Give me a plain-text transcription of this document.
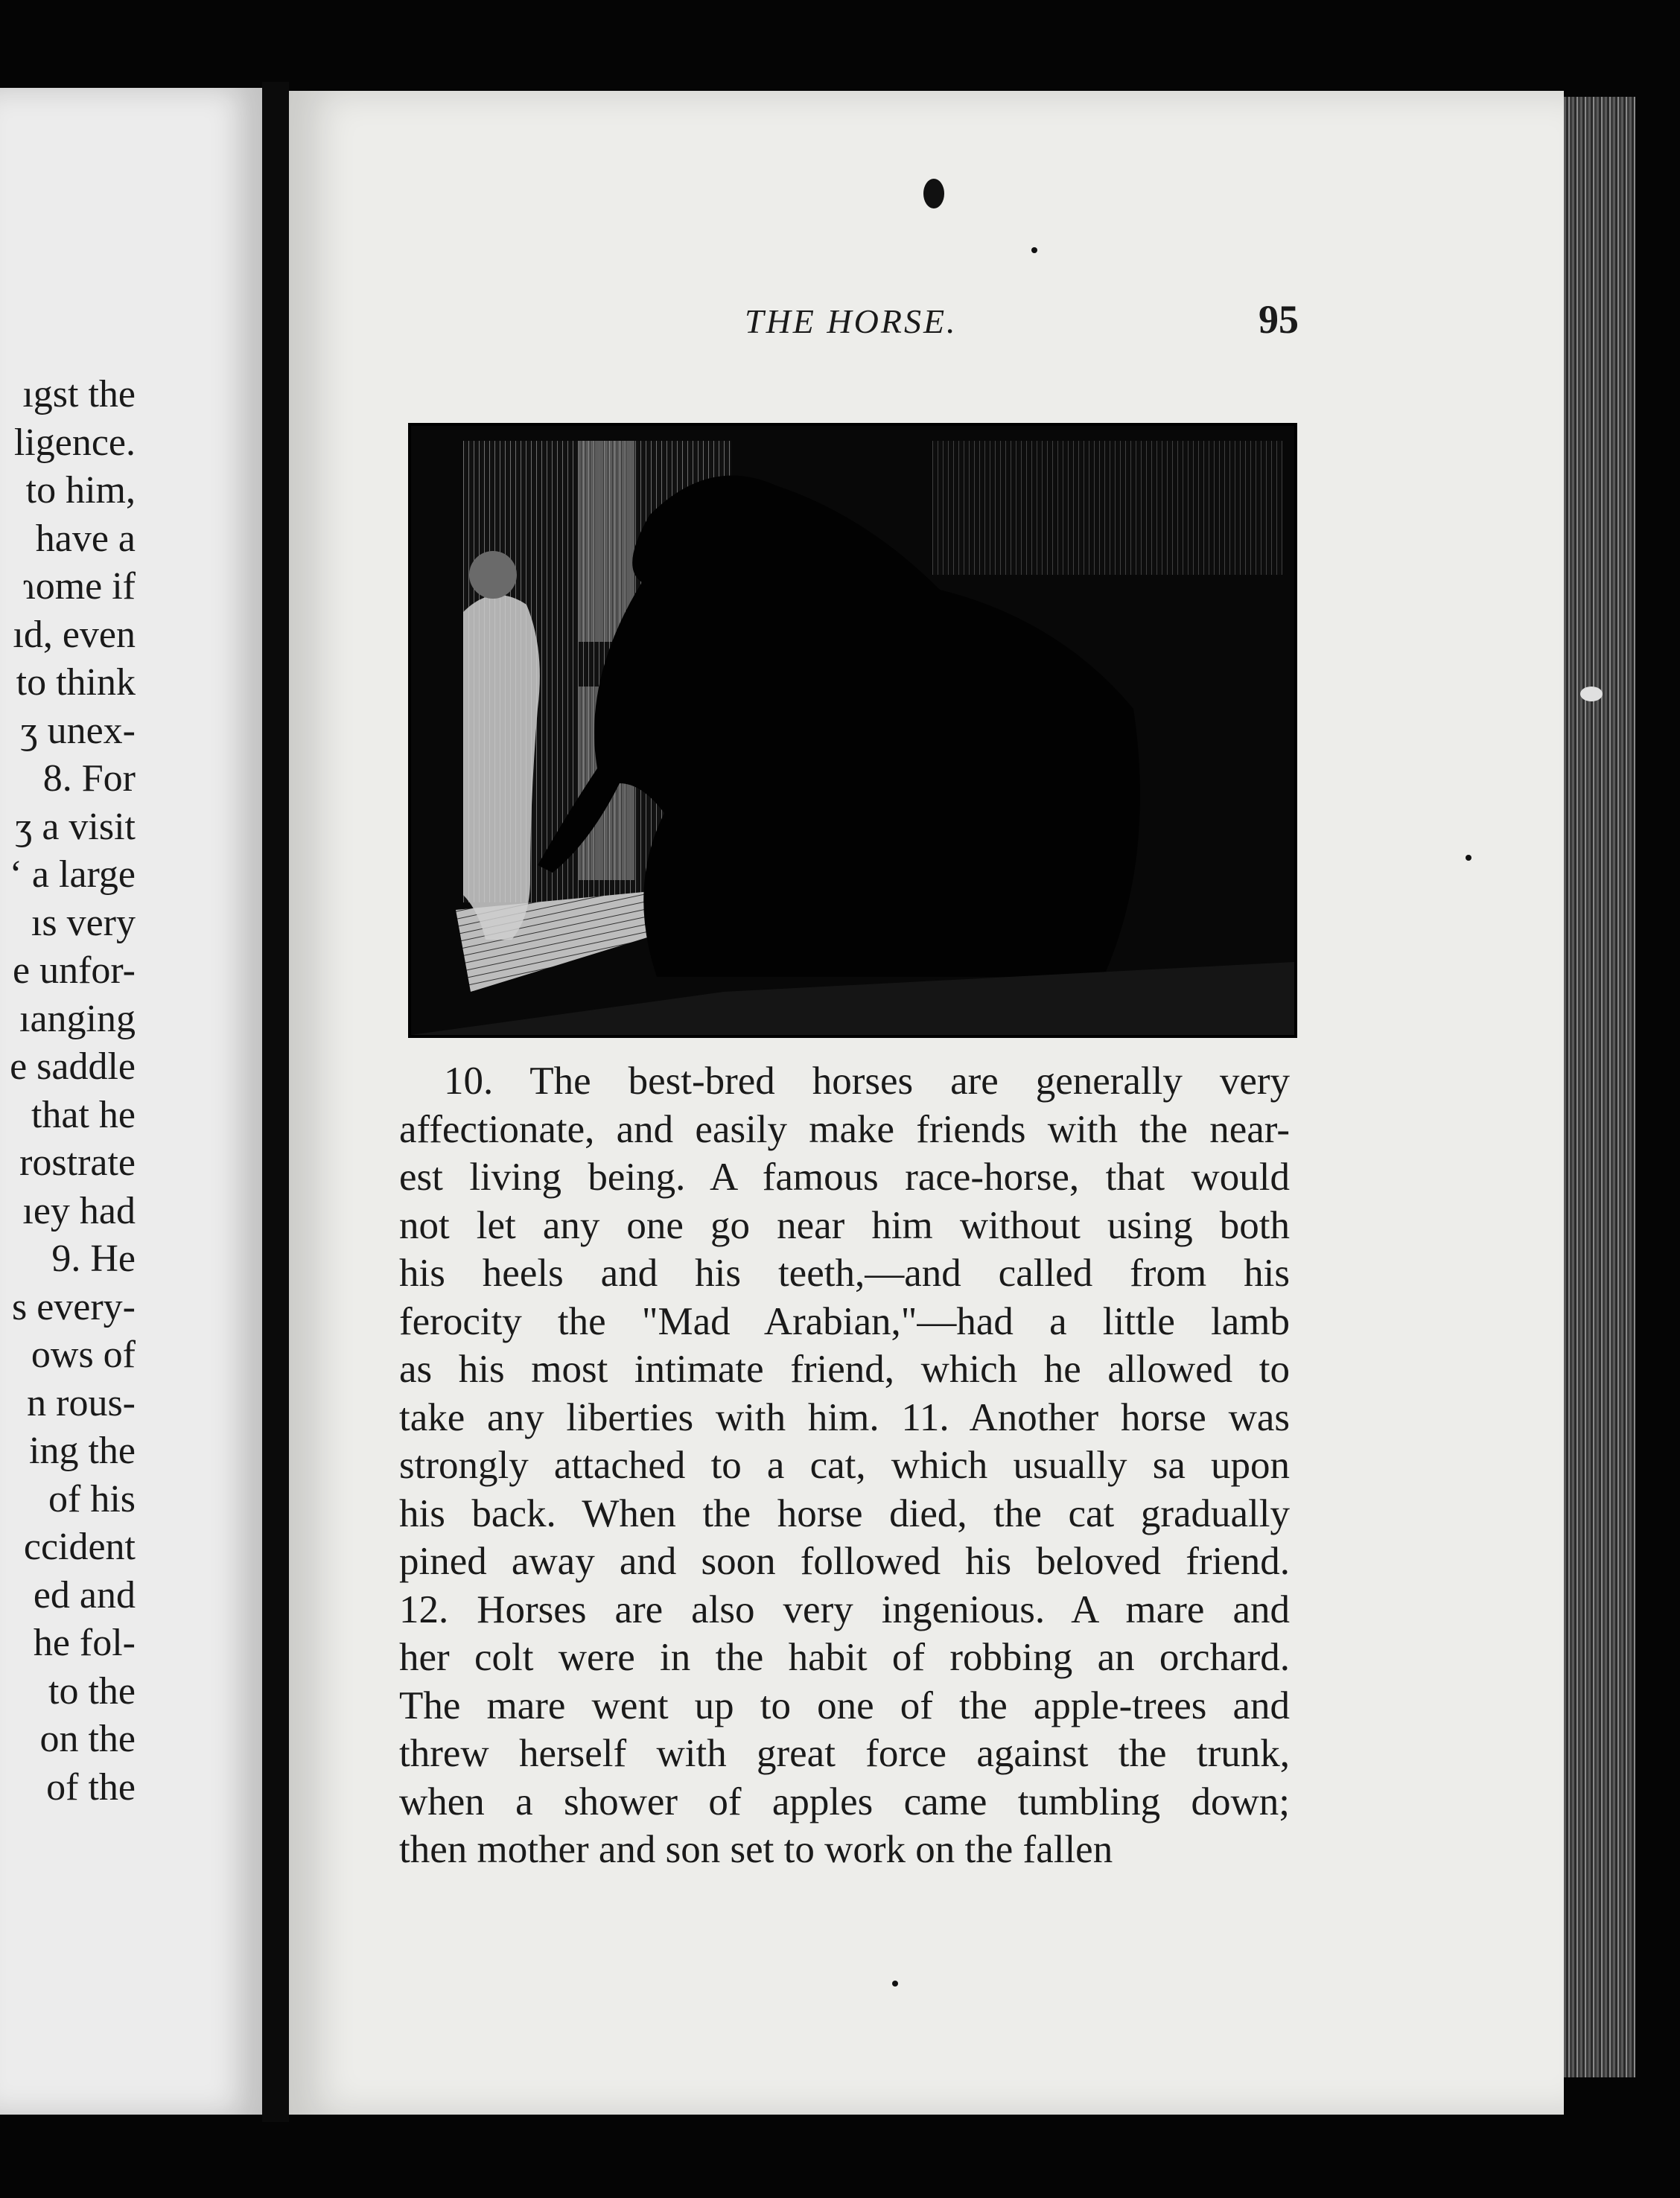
ıgst the
ligence.
to him,
have a
ɿome if
ıd, even
to think
ʒ unex-
8. For
ʒ a visit
ʻ a large
ıs very
e unfor-
ıanging
e saddle
that he
rostrate
ıey had
9. He
s every-
ows of
n rous-
ing the
of his
ccident
ed and
he fol-
to the
on the
of the
THE HORSE.	95
10. The best-bred horses are generally very
affectionate, and easily make friends with the near-
est living being. A famous race-horse, that would
not let any one go near him without using both
his heels and his teeth,—and called from his
ferocity the "Mad Arabian,"—had a little lamb
as his most intimate friend, which he allowed to
take any liberties with him. 11. Another horse was
strongly attached to a cat, which usually sa upon
his back. When the horse died, the cat gradually
pined away and soon followed his beloved friend.
12. Horses are also very ingenious. A mare and
her colt were in the habit of robbing an orchard.
The mare went up to one of the apple-trees and
threw herself with great force against the trunk,
when a shower of apples came tumbling down;
then mother and son set to work on the fallen
